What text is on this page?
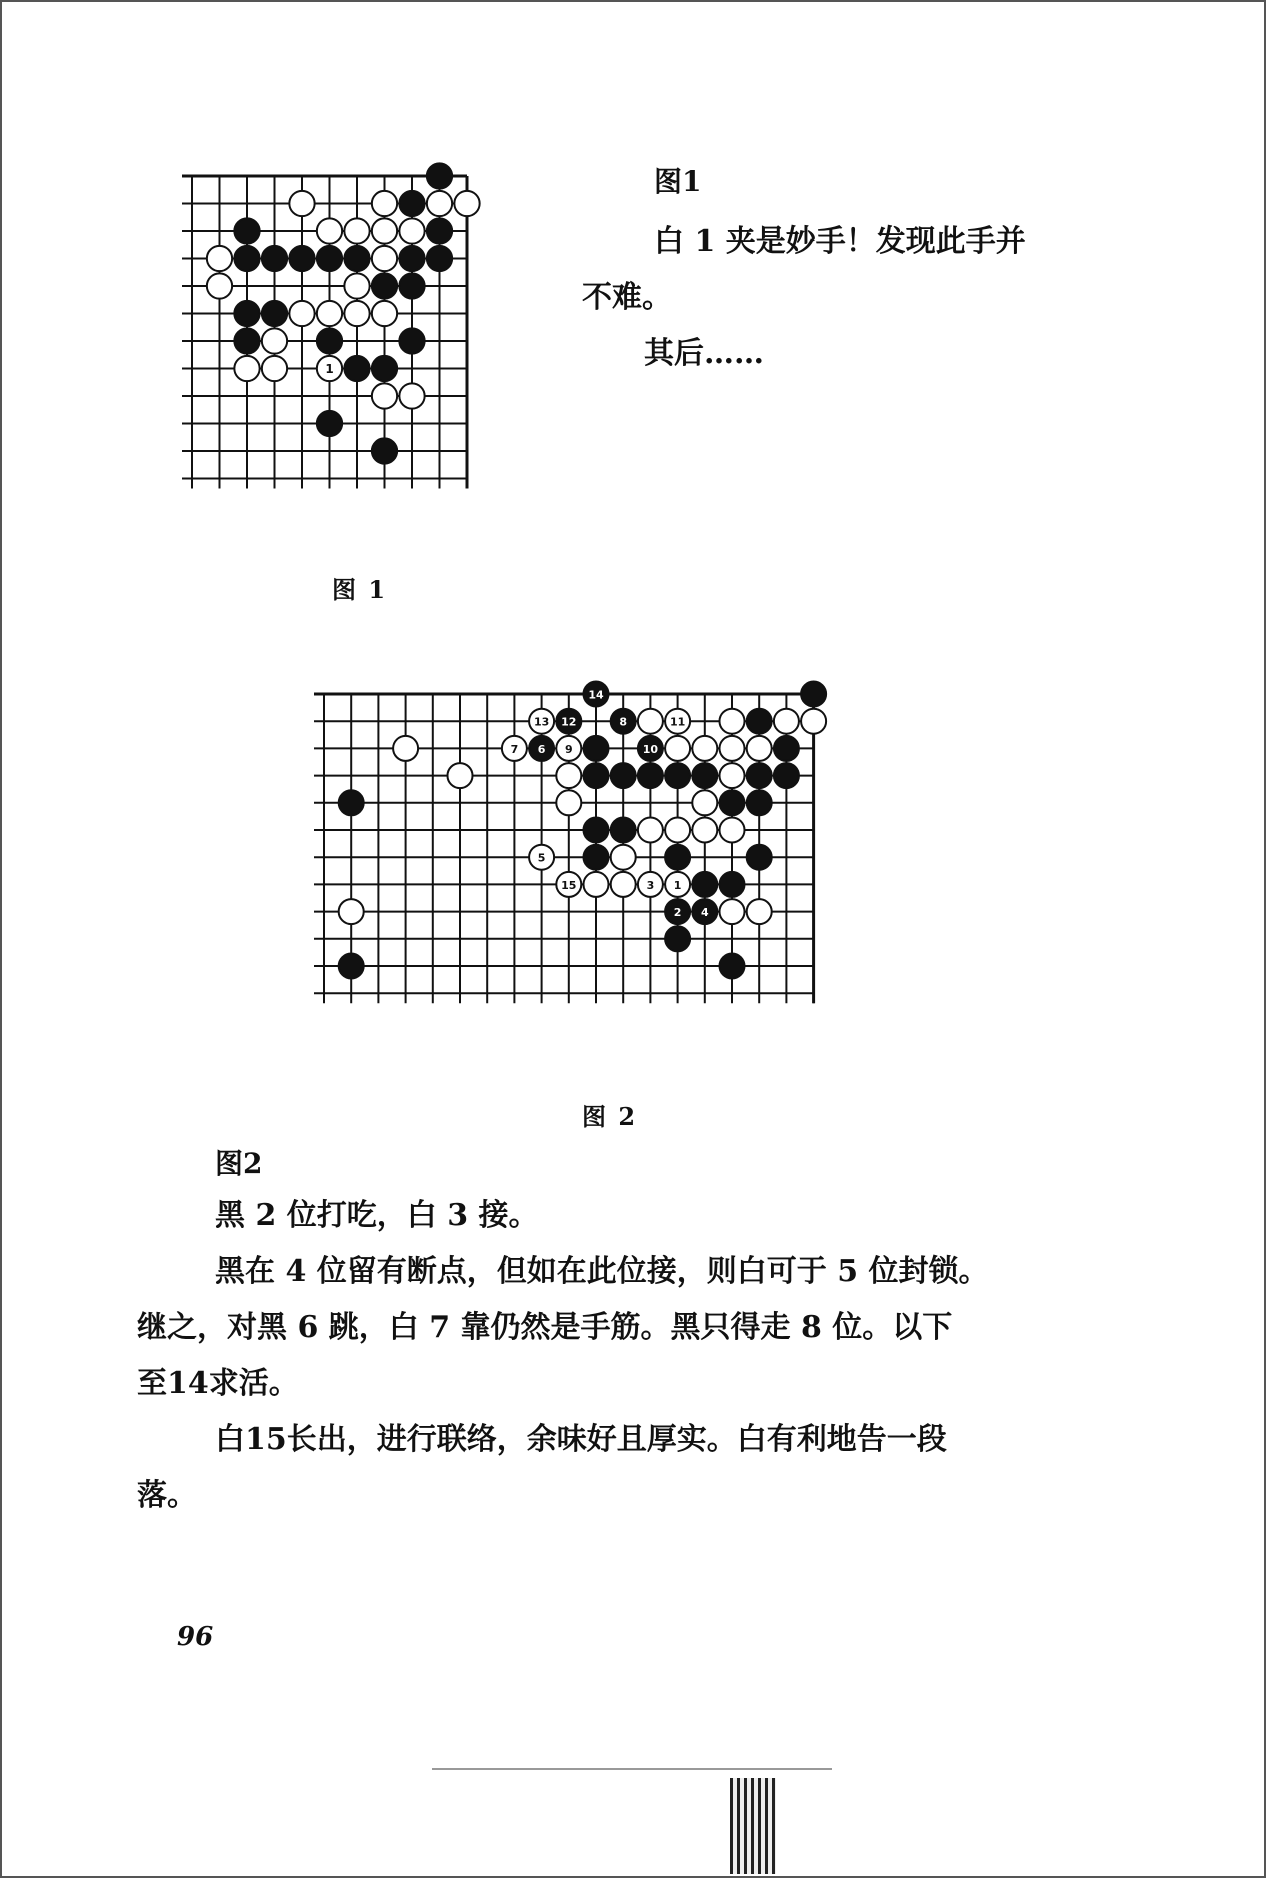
1
图 1
图1
白 1 夹是妙手！发现此手并
不难。
其后……
14
13 12	8	11
7 6 9	10
5
15	3 1
2 4
图 2
图2
黑 2 位打吃，白 3 接。
黑在 4 位留有断点，但如在此位接，则白可于 5 位封锁。
继之，对黑 6 跳，白 7 靠仍然是手筋。黑只得走 8 位。以下
至14求活。
白15长出，进行联络，余味好且厚实。白有利地告一段
落。
96
